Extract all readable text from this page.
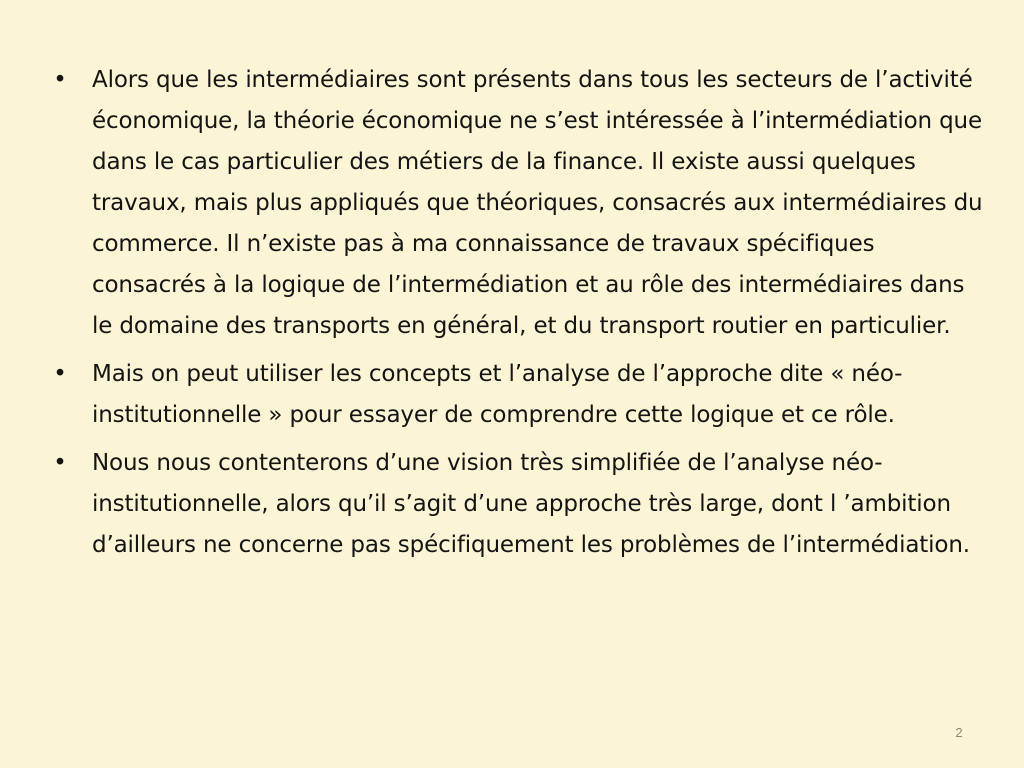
• Alors que les intermédiaires sont présents dans tous les secteurs de l’activité économique, la théorie économique ne s’est intéressée à l’intermédiation que dans le cas particulier des métiers de la finance. Il existe aussi quelques travaux, mais plus appliqués que théoriques, consacrés aux intermédiaires du commerce. Il n’existe pas à ma connaissance de travaux spécifiques consacrés à la logique de l’intermédiation et au rôle des intermédiaires dans le domaine des transports en général, et du transport routier en particulier.
• Mais on peut utiliser les concepts et l’analyse de l’approche dite « néo-institutionnelle » pour essayer de comprendre cette logique et ce rôle.
• Nous nous contenterons d’une vision très simplifiée de l’analyse néo-institutionnelle, alors qu’il s’agit d’une approche très large, dont l ’ambition d’ailleurs ne concerne pas spécifiquement les problèmes de l’intermédiation.
2
